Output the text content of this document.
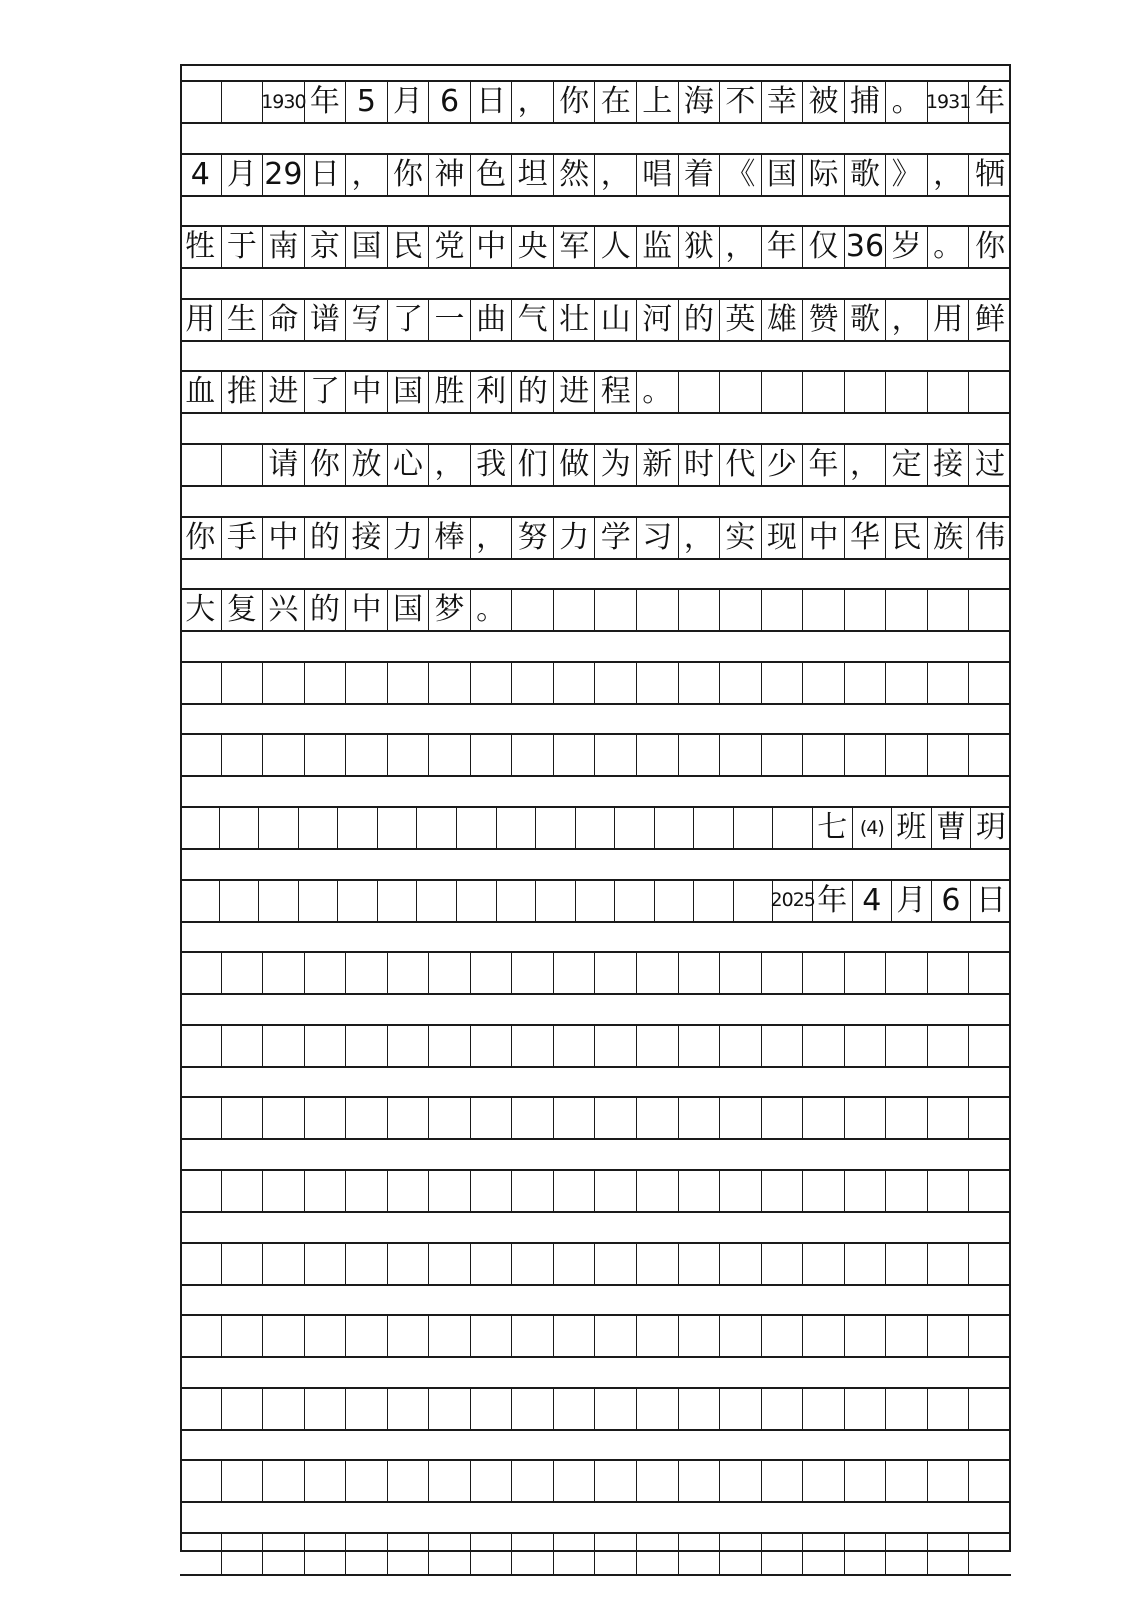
1930 年 5 月 6 日 ， 你 在 上 海 不 幸 被 捕 。 1931 年
4 月 29 日 ， 你 神 色 坦 然 ， 唱 着 《 国 际 歌 》 ， 牺
牲 于 南 京 国 民 党 中 央 军 人 监 狱 ， 年 仅 36 岁 。 你
用 生 命 谱 写 了 一 曲 气 壮 山 河 的 英 雄 赞 歌 ， 用 鲜
血 推 进 了 中 国 胜 利 的 进 程 。
请 你 放 心 ， 我 们 做 为 新 时 代 少 年 ， 定 接 过
你 手 中 的 接 力 棒 ， 努 力 学 习 ， 实 现 中 华 民 族 伟
大 复 兴 的 中 国 梦 。
七 (4) 班 曹 玥
2025 年 4 月 6 日
